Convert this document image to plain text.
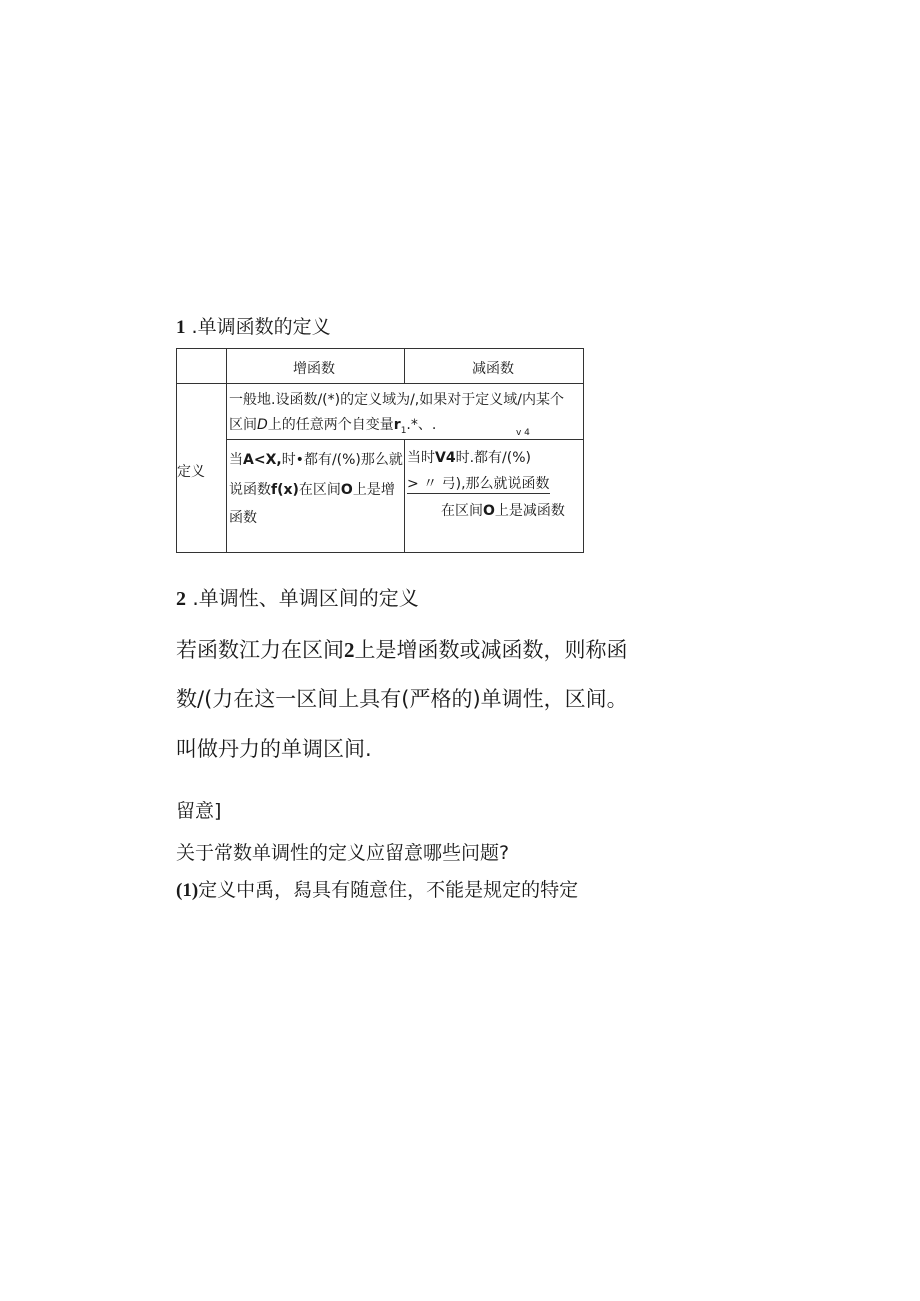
1 .单调函数的定义
增函数	减函数
定义
一般地.设函数/(*)的定义域为/,如果对于定义域/内某个
区间D上的任意两个自变量$r_1.*$、.	v 4
当A<X,时•都有/(%)那么就
说函数f(x)在区间O上是增
函数
当时V4时.都有/(%)
> 〃 弓),那么就说函数
在区间O上是减函数
2 .单调性、单调区间的定义
若函数江力在区间2上是增函数或减函数，则称函
数/(力在这一区间上具有(严格的)单调性，区间。
叫做丹力的单调区间.
留意]
关于常数单调性的定义应留意哪些问题?
(1)定义中禹，舄具有随意住，不能是规定的特定
